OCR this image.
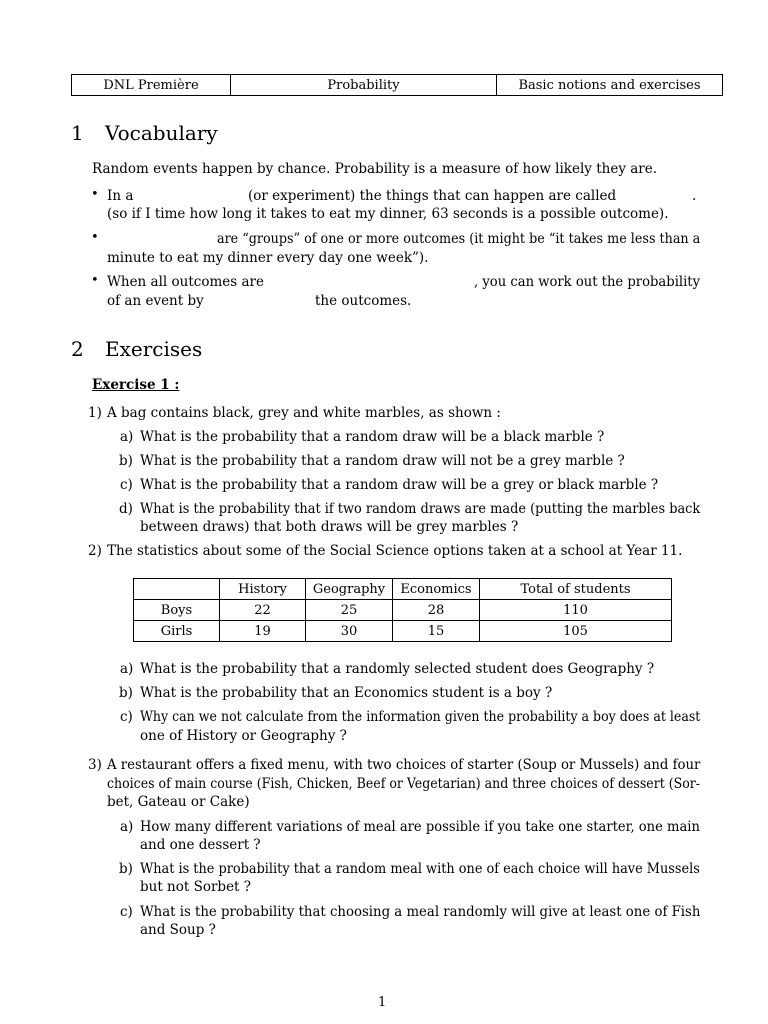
DNL Première	Probability	Basic notions and exercises
1 Vocabulary
Random events happen by chance. Probability is a measure of how likely they are.
• In a	(or experiment) the things that can happen are called	.
(so if I time how long it takes to eat my dinner, 63 seconds is a possible outcome).
•	are “groups” of one or more outcomes (it might be “it takes me less than a
minute to eat my dinner every day one week”).
• When all outcomes are	, you can work out the probability
of an event by	the outcomes.
2 Exercises
Exercise 1 :
1) A bag contains black, grey and white marbles, as shown :
a) What is the probability that a random draw will be a black marble ?
b) What is the probability that a random draw will not be a grey marble ?
c) What is the probability that a random draw will be a grey or black marble ?
d) What is the probability that if two random draws are made (putting the marbles back
between draws) that both draws will be grey marbles ?
2) The statistics about some of the Social Science options taken at a school at Year 11.
	History	Geography	Economics	Total of students
Boys	22	25	28	110
Girls	19	30	15	105
a) What is the probability that a randomly selected student does Geography ?
b) What is the probability that an Economics student is a boy ?
c) Why can we not calculate from the information given the probability a boy does at least
one of History or Geography ?
3) A restaurant offers a fixed menu, with two choices of starter (Soup or Mussels) and four
choices of main course (Fish, Chicken, Beef or Vegetarian) and three choices of dessert (Sor-
bet, Gateau or Cake)
a) How many different variations of meal are possible if you take one starter, one main
and one dessert ?
b) What is the probability that a random meal with one of each choice will have Mussels
but not Sorbet ?
c) What is the probability that choosing a meal randomly will give at least one of Fish
and Soup ?
1
